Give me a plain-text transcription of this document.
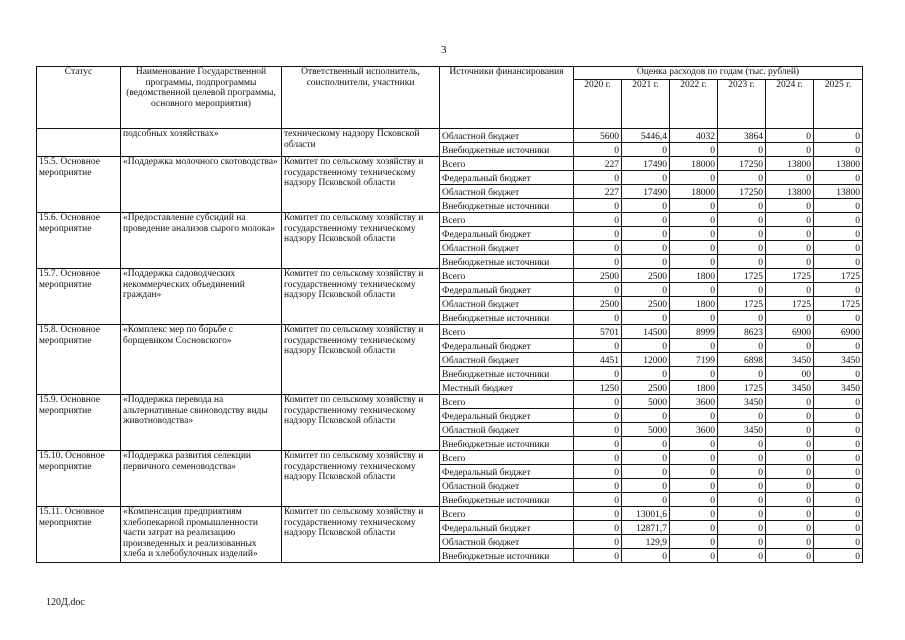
3
Статус	Наименование Государственной программы, подпрограммы (ведомственной целевой программы, основного мероприятия)	Ответственный исполнитель, соисполнители, участники	Источники финансирования	Оценка расходов по годам (тыс. рублей)					
				2020 г.	2021 г.	2022 г.	2023 г.	2024 г.	2025 г.
	подсобных хозяйствах»	техническому надзору Псковской области	Областной бюджет	5600	5446,4	4032	3864	0	0
			Внебюджетные источники	0	0	0	0	0	0
15.5. Основное мероприятие	«Поддержка молочного скотоводства»	Комитет по сельскому хозяйству и государственному техническому надзору Псковской области	Всего	227	17490	18000	17250	13800	13800
			Федеральный бюджет	0	0	0	0	0	0
			Областной бюджет	227	17490	18000	17250	13800	13800
			Внебюджетные источники	0	0	0	0	0	0
15.6. Основное мероприятие	«Предоставление субсидий на проведение анализов сырого молока»	Комитет по сельскому хозяйству и государственному техническому надзору Псковской области	Всего	0	0	0	0	0	0
			Федеральный бюджет	0	0	0	0	0	0
			Областной бюджет	0	0	0	0	0	0
			Внебюджетные источники	0	0	0	0	0	0
15.7. Основное мероприятие	«Поддержка садоводческих некоммерческих объединений граждан»	Комитет по сельскому хозяйству и государственному техническому надзору Псковской области	Всего	2500	2500	1800	1725	1725	1725
			Федеральный бюджет	0	0	0	0	0	0
			Областной бюджет	2500	2500	1800	1725	1725	1725
			Внебюджетные источники	0	0	0	0	0	0
15.8. Основное мероприятие	«Комплекс мер по борьбе с борщевиком Сосновского»	Комитет по сельскому хозяйству и государственному техническому надзору Псковской области	Всего	5701	14500	8999	8623	6900	6900
			Федеральный бюджет	0	0	0	0	0	0
			Областной бюджет	4451	12000	7199	6898	3450	3450
			Внебюджетные источники	0	0	0	0	00	0
			Местный бюджет	1250	2500	1800	1725	3450	3450
15.9. Основное мероприятие	«Поддержка перевода на альтернативные свиноводству виды животноводства»	Комитет по сельскому хозяйству и государственному техническому надзору Псковской области	Всего	0	5000	3600	3450	0	0
			Федеральный бюджет	0	0	0	0	0	0
			Областной бюджет	0	5000	3600	3450	0	0
			Внебюджетные источники	0	0	0	0	0	0
15.10. Основное мероприятие	«Поддержка развития селекции первичного семеноводства»	Комитет по сельскому хозяйству и государственному техническому надзору Псковской области	Всего	0	0	0	0	0	0
			Федеральный бюджет	0	0	0	0	0	0
			Областной бюджет	0	0	0	0	0	0
			Внебюджетные источники	0	0	0	0	0	0
15.11. Основное мероприятие	«Компенсация предприятиям хлебопекарной промышленности части затрат на реализацию произведенных и реализованных хлеба и хлебобулочных изделий»	Комитет по сельскому хозяйству и государственному техническому надзору Псковской области	Всего	0	13001,6	0	0	0	0
			Федеральный бюджет	0	12871,7	0	0	0	0
			Областной бюджет	0	129,9	0	0	0	0
			Внебюджетные источники	0	0	0	0	0	0
120Д.doc
